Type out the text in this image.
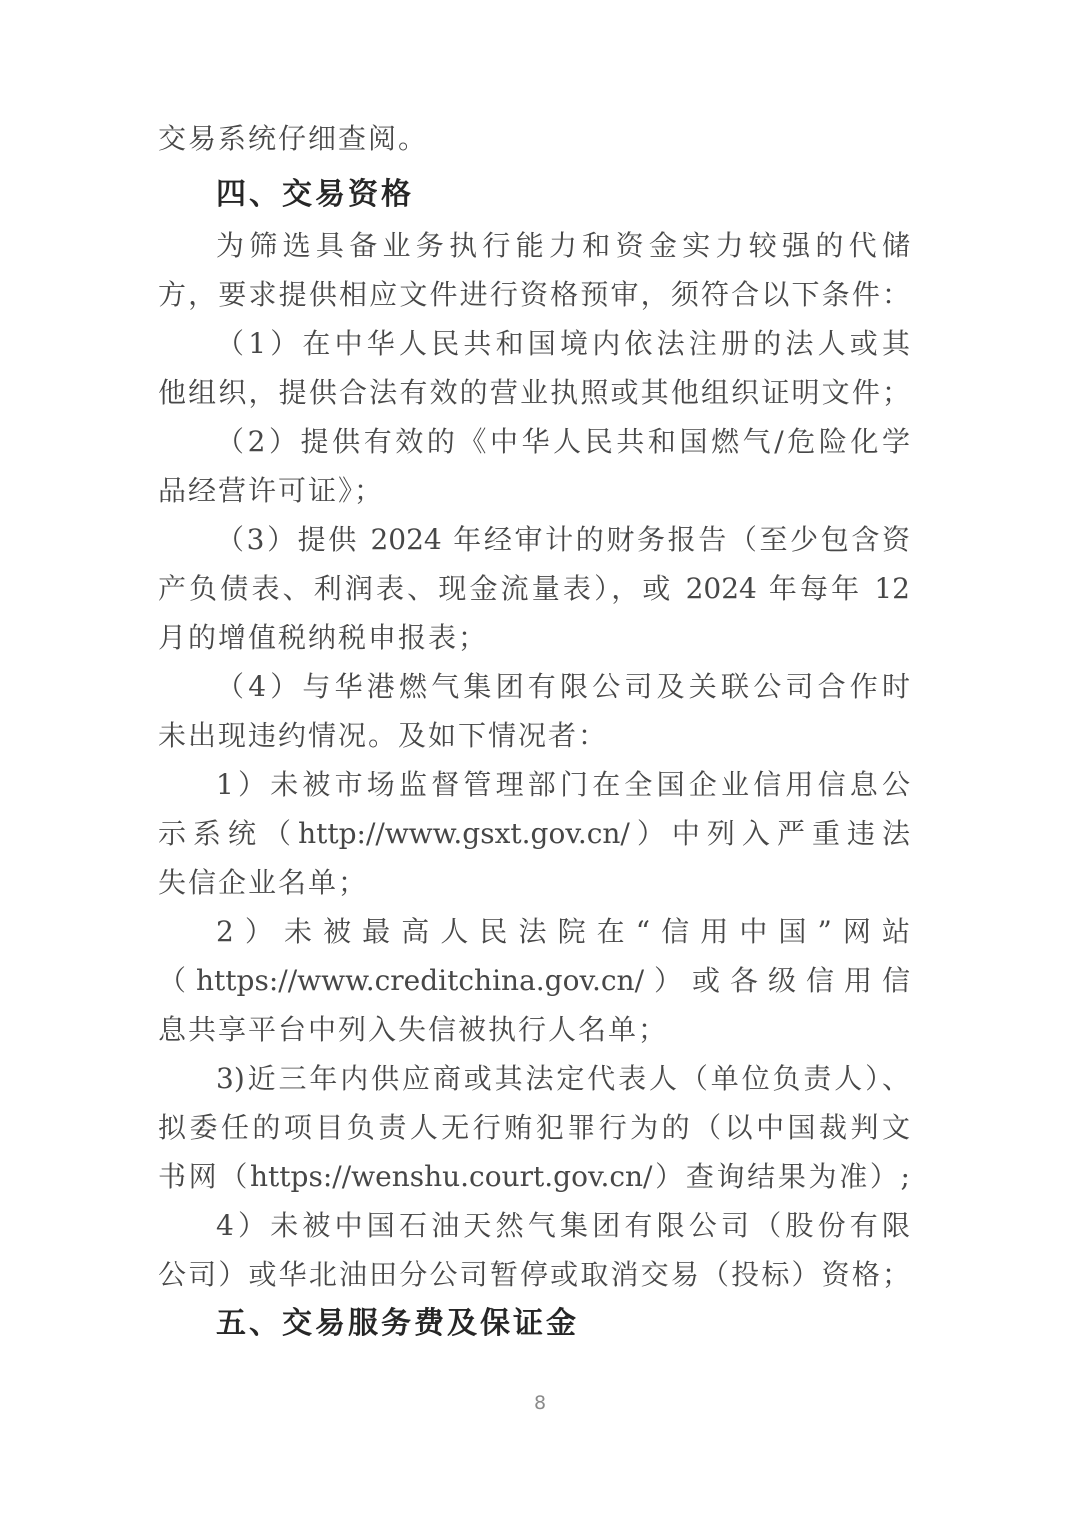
交易系统仔细查阅。
四、交易资格
为筛选具备业务执行能力和资金实力较强的代储
方，要求提供相应文件进行资格预审，须符合以下条件：
（1）在中华人民共和国境内依法注册的法人或其
他组织，提供合法有效的营业执照或其他组织证明文件；
（2）提供有效的《中华人民共和国燃气/危险化学
品经营许可证》；
（3）提供 2024 年经审计的财务报告（至少包含资
产负债表、利润表、现金流量表），或 2024 年每年 12
月的增值税纳税申报表；
（4）与华港燃气集团有限公司及关联公司合作时
未出现违约情况。及如下情况者：
1）未被市场监督管理部门在全国企业信用信息公
示系统（http://www.gsxt.gov.cn/）中列入严重违法
失信企业名单；
2）未被最高人民法院在“信用中国”网站
（https://www.creditchina.gov.cn/）或各级信用信
息共享平台中列入失信被执行人名单；
3)近三年内供应商或其法定代表人（单位负责人）、
拟委任的项目负责人无行贿犯罪行为的（以中国裁判文
书网（https://wenshu.court.gov.cn/）查询结果为准）;
4）未被中国石油天然气集团有限公司（股份有限
公司）或华北油田分公司暂停或取消交易（投标）资格；
五、交易服务费及保证金
8
